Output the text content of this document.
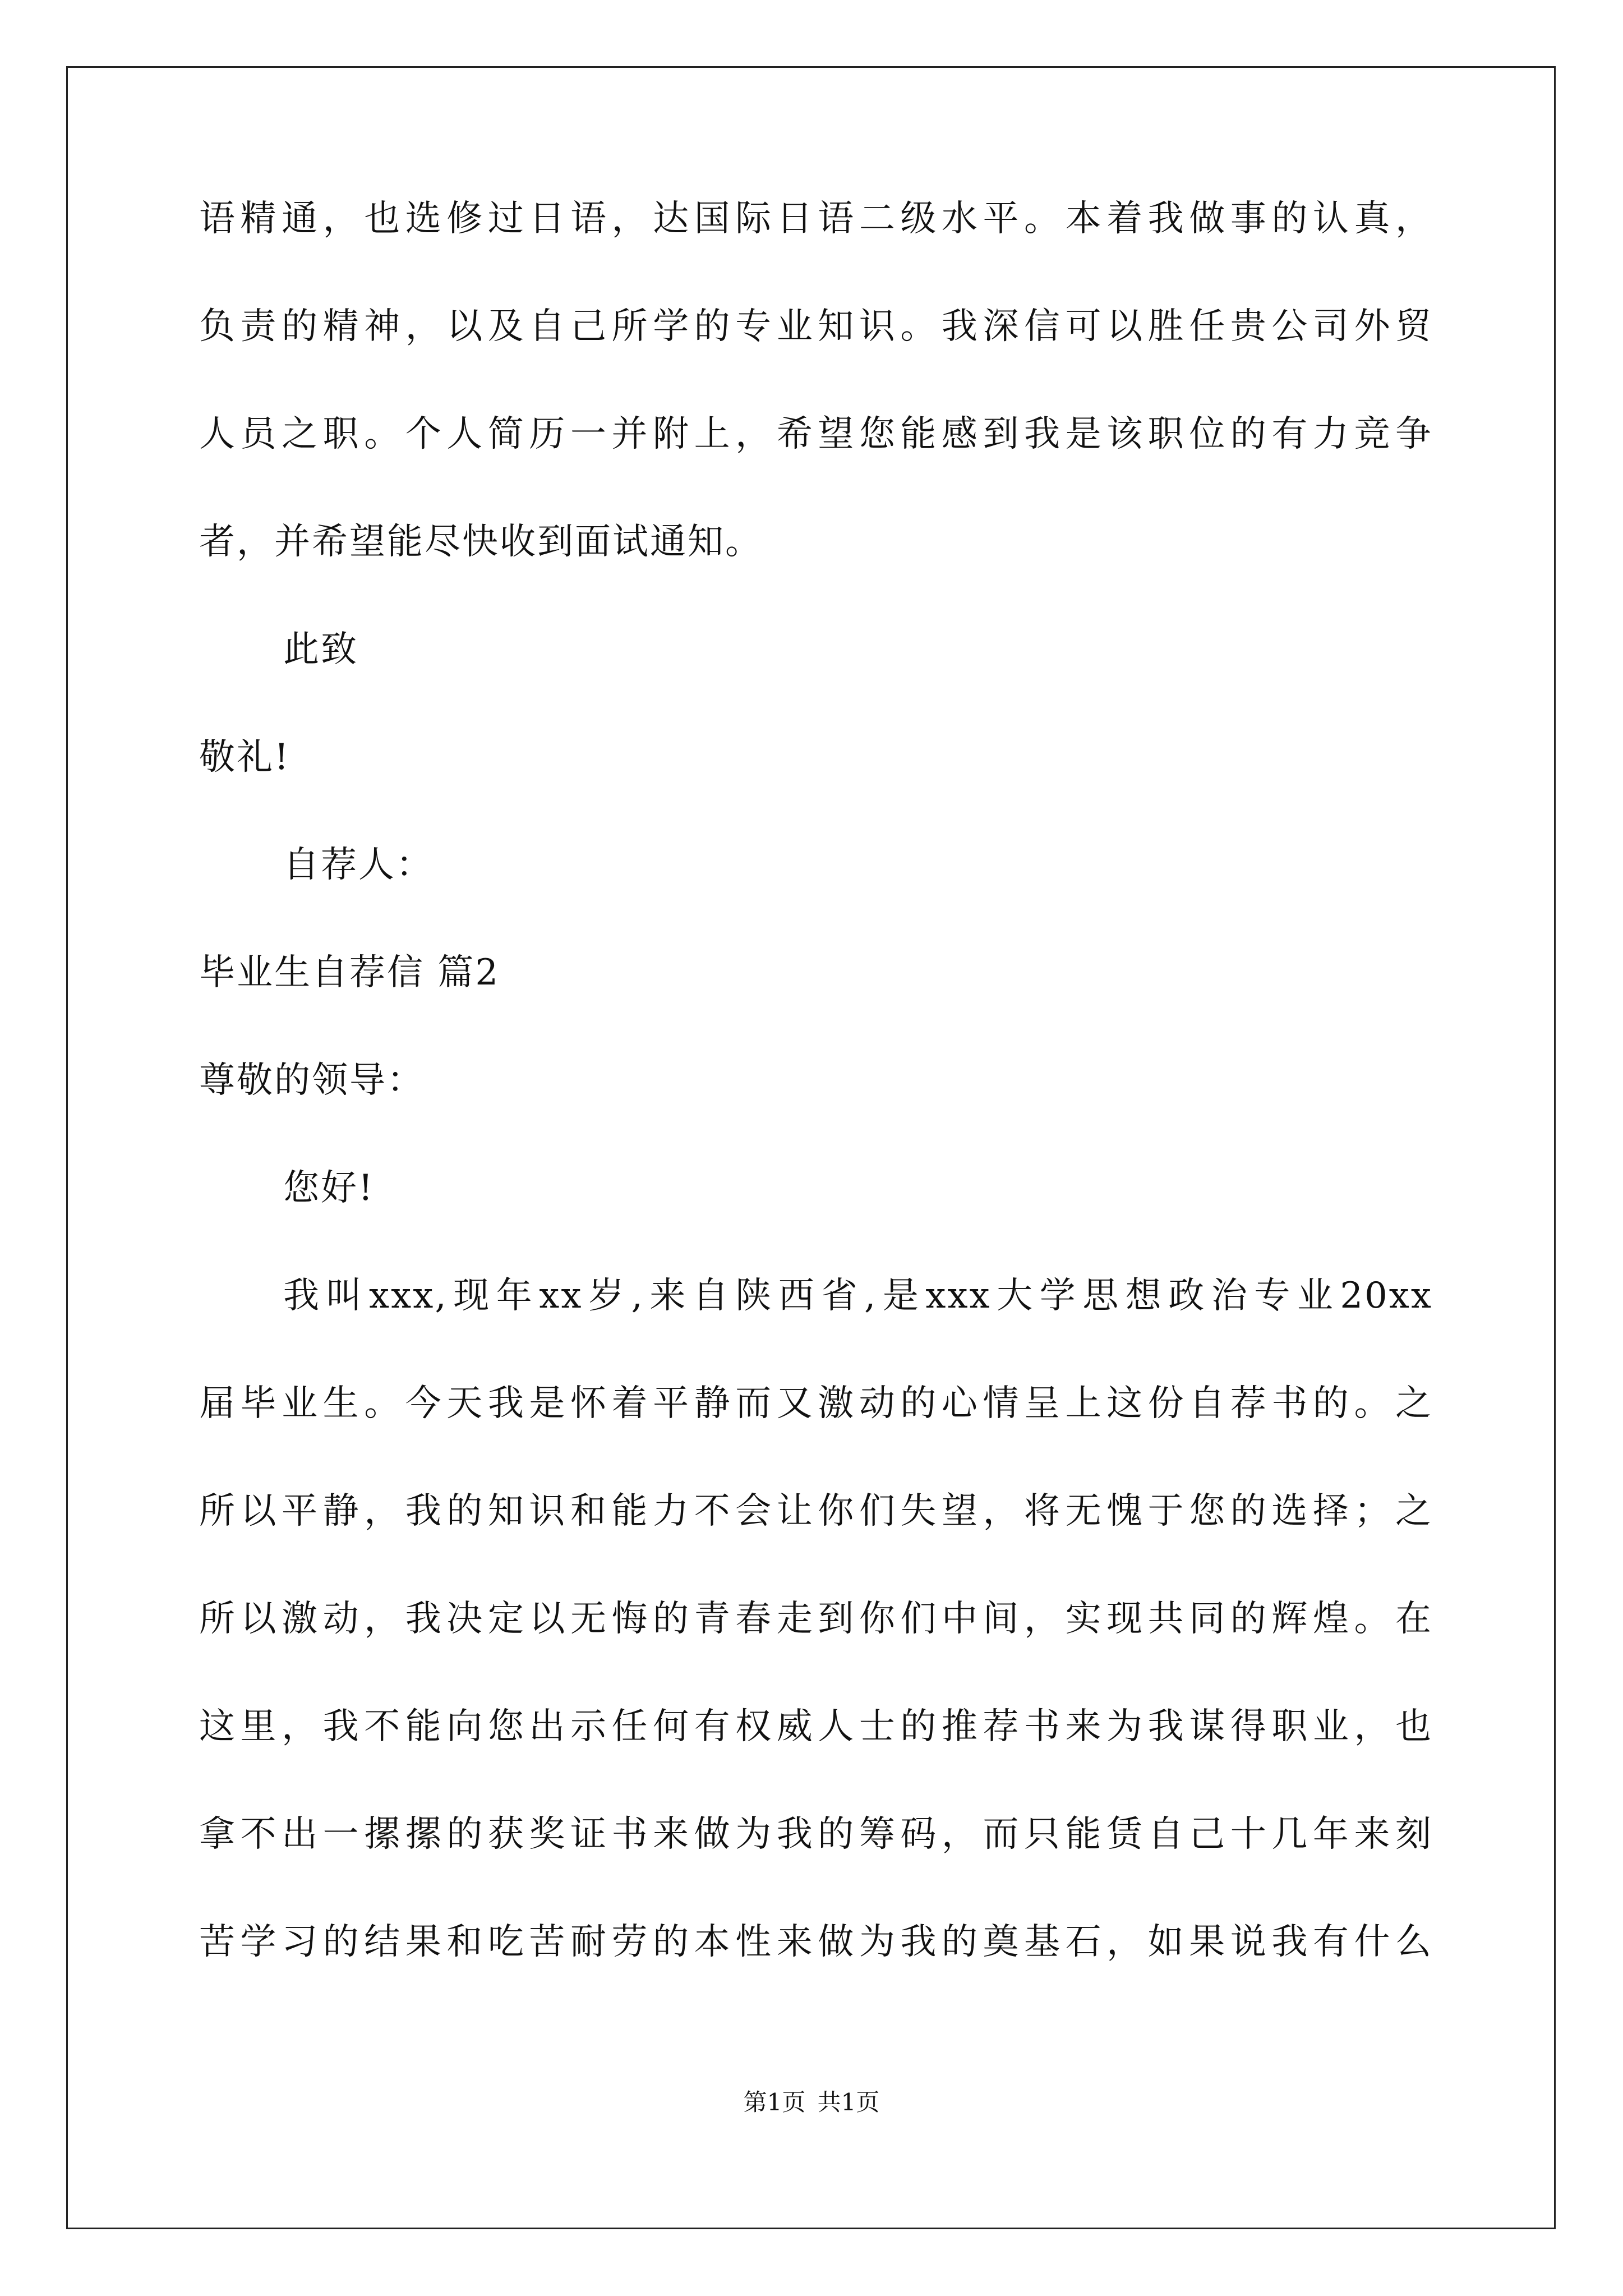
语精通，也选修过日语，达国际日语二级水平。本着我做事的认真，
负责的精神，以及自己所学的专业知识。我深信可以胜任贵公司外贸
人员之职。个人简历一并附上，希望您能感到我是该职位的有力竞争
者，并希望能尽快收到面试通知。
此致
敬礼!
自荐人：
毕业生自荐信 篇2
尊敬的领导：
您好!
我叫xxx,现年xx岁,来自陕西省,是xxx大学思想政治专业20xx
届毕业生。今天我是怀着平静而又激动的心情呈上这份自荐书的。之
所以平静，我的知识和能力不会让你们失望，将无愧于您的选择；之
所以激动，我决定以无悔的青春走到你们中间，实现共同的辉煌。在
这里，我不能向您出示任何有权威人士的推荐书来为我谋得职业，也
拿不出一摞摞的获奖证书来做为我的筹码，而只能赁自己十几年来刻
苦学习的结果和吃苦耐劳的本性来做为我的奠基石，如果说我有什么
第1页 共1页
